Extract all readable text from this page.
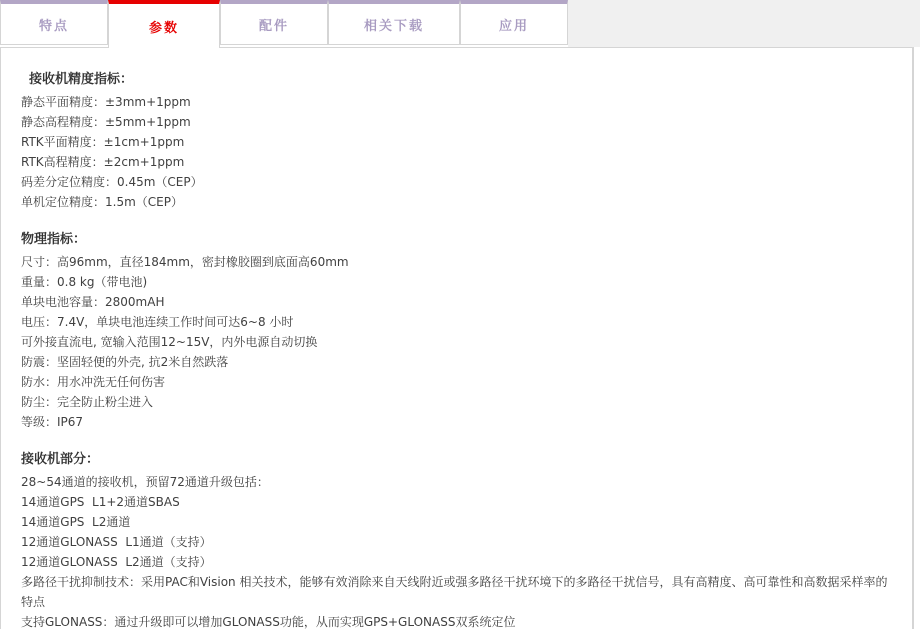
特点	参数	配件	相关下载	应用
接收机精度指标：
静态平面精度：±3mm+1ppm
静态高程精度：±5mm+1ppm
RTK平面精度：±1cm+1ppm
RTK高程精度：±2cm+1ppm
码差分定位精度：0.45m（CEP）
单机定位精度：1.5m（CEP）
物理指标：
尺寸：高96mm，直径184mm，密封橡胶圈到底面高60mm
重量：0.8 kg（带电池)
单块电池容量：2800mAH
电压：7.4V，单块电池连续工作时间可达6~8 小时
可外接直流电, 宽输入范围12~15V，内外电源自动切换
防震：坚固轻便的外壳, 抗2米自然跌落
防水：用水冲洗无任何伤害
防尘：完全防止粉尘进入
等级：IP67
接收机部分：
28~54通道的接收机，预留72通道升级包括：
14通道GPS  L1+2通道SBAS
14通道GPS  L2通道
12通道GLONASS  L1通道（支持）
12通道GLONASS  L2通道（支持）
多路径干扰抑制技术：采用PAC和Vision 相关技术，能够有效消除来自天线附近或强多路径干扰环境下的多路径干扰信号，具有高精度、高可靠性和高数据采样率的特点
支持GLONASS：通过升级即可以增加GLONASS功能，从而实现GPS+GLONASS双系统定位
